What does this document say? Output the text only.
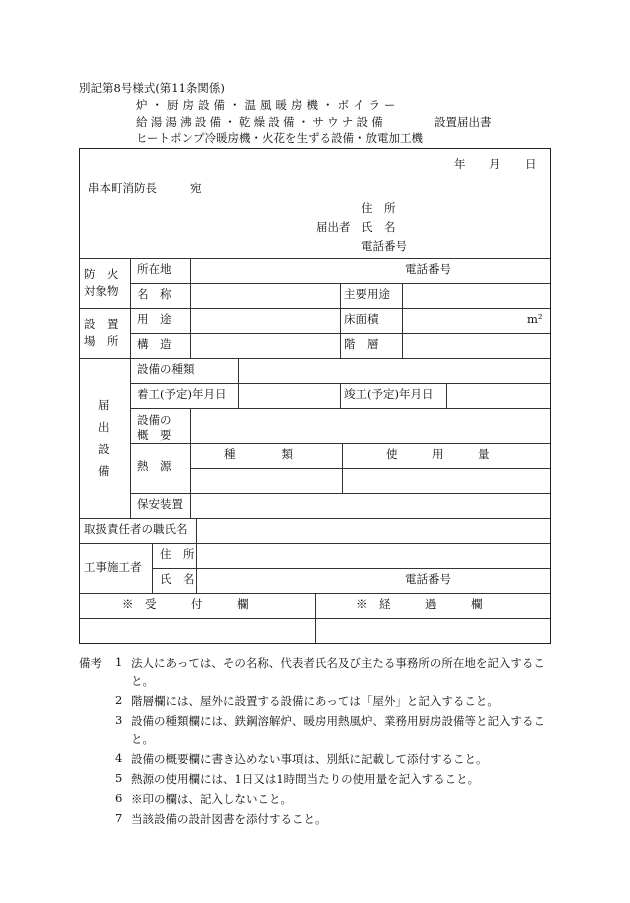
別記第8号様式(第11条関係)
炉・厨房設備・温風暖房機・ボイラー
給湯湯沸設備・乾燥設備・サウナ設備	設置届出書
ヒートポンプ冷暖房機・火花を生ずる設備・放電加工機
年 月 日
串本町消防長	宛
住　所
届出者 氏　名
電話番号
防　火
対象物
所在地	電話番号
名　称	主要用途
設　置
場　所
用　途	床面積	m²
構　造	階　層
届出設備
設備の種類
着工(予定)年月日	竣工(予定)年月日
設備の
概　要
熱　源
種　　　　類	使　　　用　　　量
保安装置
取扱責任者の職氏名
工事施工者
住　所
氏　名	電話番号
※　受　　　付　　　欄	※　経　　　過　　　欄
備考 1 法人にあっては、その名称、代表者氏名及び主たる事務所の所在地を記入するこ
と。
2 階層欄には、屋外に設置する設備にあっては「屋外」と記入すること。
3 設備の種類欄には、鉄鋼溶解炉、暖房用熱風炉、業務用厨房設備等と記入するこ
と。
4 設備の概要欄に書き込めない事項は、別紙に記載して添付すること。
5 熱源の使用欄には、1日又は1時間当たりの使用量を記入すること。
6 ※印の欄は、記入しないこと。
7 当該設備の設計図書を添付すること。
